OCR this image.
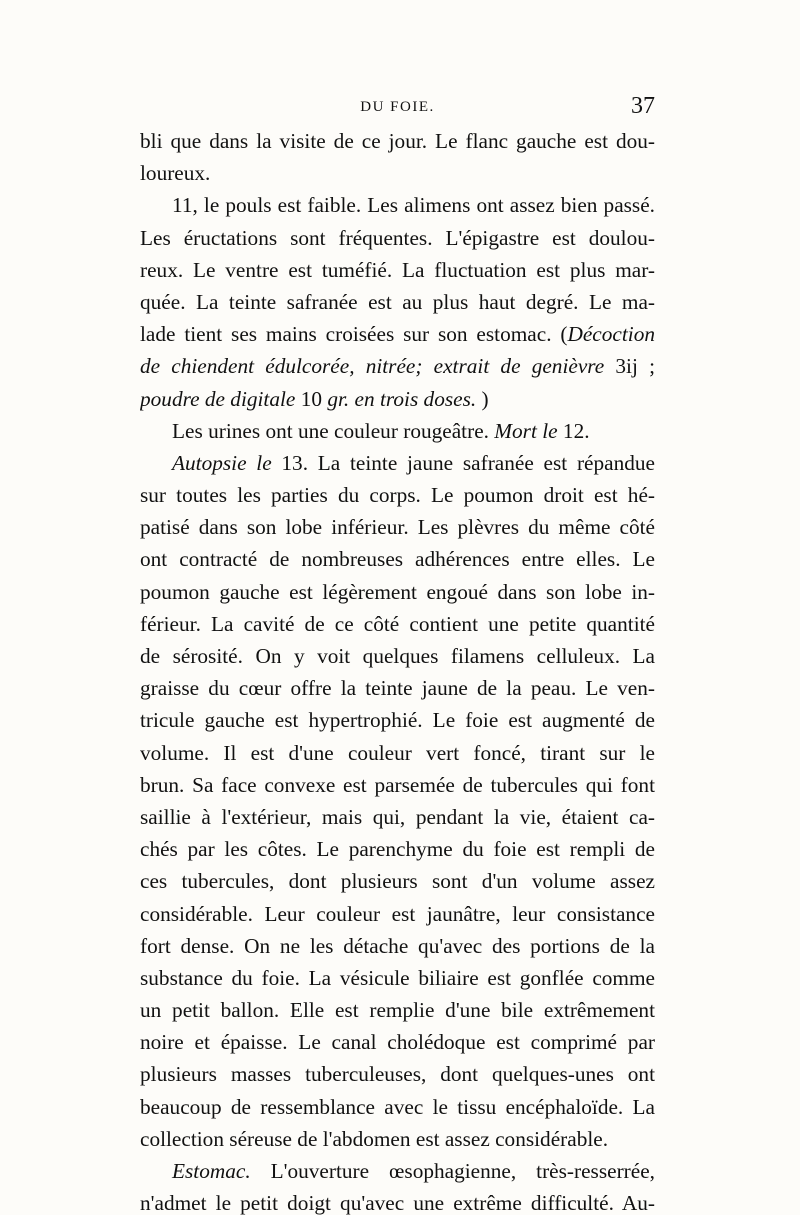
DU FOIE.	37
bli que dans la visite de ce jour. Le flanc gauche est dou-
loureux.
11, le pouls est faible. Les alimens ont assez bien passé.
Les éructations sont fréquentes. L'épigastre est doulou-
reux. Le ventre est tuméfié. La fluctuation est plus mar-
quée. La teinte safranée est au plus haut degré. Le ma-
lade tient ses mains croisées sur son estomac. (Décoction
de chiendent édulcorée, nitrée; extrait de genièvre 3ij ;
poudre de digitale 10 gr. en trois doses. )
Les urines ont une couleur rougeâtre. Mort le 12.
Autopsie le 13. La teinte jaune safranée est répandue
sur toutes les parties du corps. Le poumon droit est hé-
patisé dans son lobe inférieur. Les plèvres du même côté
ont contracté de nombreuses adhérences entre elles. Le
poumon gauche est légèrement engoué dans son lobe in-
férieur. La cavité de ce côté contient une petite quantité
de sérosité. On y voit quelques filamens celluleux. La
graisse du cœur offre la teinte jaune de la peau. Le ven-
tricule gauche est hypertrophié. Le foie est augmenté de
volume. Il est d'une couleur vert foncé, tirant sur le
brun. Sa face convexe est parsemée de tubercules qui font
saillie à l'extérieur, mais qui, pendant la vie, étaient ca-
chés par les côtes. Le parenchyme du foie est rempli de
ces tubercules, dont plusieurs sont d'un volume assez
considérable. Leur couleur est jaunâtre, leur consistance
fort dense. On ne les détache qu'avec des portions de la
substance du foie. La vésicule biliaire est gonflée comme
un petit ballon. Elle est remplie d'une bile extrêmement
noire et épaisse. Le canal cholédoque est comprimé par
plusieurs masses tuberculeuses, dont quelques-unes ont
beaucoup de ressemblance avec le tissu encéphaloïde. La
collection séreuse de l'abdomen est assez considérable.
Estomac. L'ouverture œsophagienne, très-resserrée,
n'admet le petit doigt qu'avec une extrême difficulté. Au-
